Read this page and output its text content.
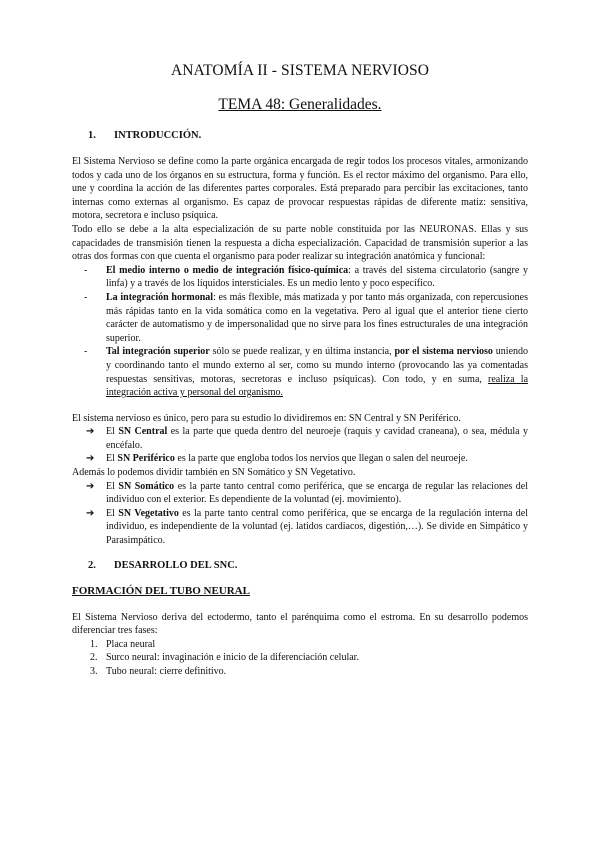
ANATOMÍA II - SISTEMA NERVIOSO
TEMA 48: Generalidades.
1. INTRODUCCIÓN.

El Sistema Nervioso se define como la parte orgánica encargada de regir todos los procesos vitales, armonizando todos y cada uno de los órganos en su estructura, forma y función. Es el rector máximo del organismo. Para ello, une y coordina la acción de las diferentes partes corporales. Está preparado para percibir las excitaciones, tanto internas como externas al organismo. Es capaz de provocar respuestas rápidas de diferente matiz: sensitiva, motora, secretora e incluso psíquica.

Todo ello se debe a la alta especialización de su parte noble constituida por las NEURONAS. Ellas y sus capacidades de transmisión tienen la respuesta a dicha especialización. Capacidad de transmisión superior a las otras dos formas con que cuenta el organismo para poder realizar su integración anatómica y funcional:

- El medio interno o medio de integración físico-química: a través del sistema circulatorio (sangre y linfa) y a través de los líquidos intersticiales. Es un medio lento y poco específico.
- La integración hormonal: es más flexible, más matizada y por tanto más organizada, con repercusiones más rápidas tanto en la vida somática como en la vegetativa. Pero al igual que el anterior tiene cierto carácter de automatismo y de impersonalidad que no sirve para los fines estructurales de una integración superior.
- Tal integración superior sólo se puede realizar, y en última instancia, por el sistema nervioso uniendo y coordinando tanto el mundo externo al ser, como su mundo interno (provocando las ya comentadas respuestas sensitivas, motoras, secretoras e incluso psíquicas). Con todo, y en suma, realiza la integración activa y personal del organismo.

El sistema nervioso es único, pero para su estudio lo dividiremos en: SN Central y SN Periférico.

➔ El SN Central es la parte que queda dentro del neuroeje (raquis y cavidad craneana), o sea, médula y encéfalo.
➔ El SN Periférico es la parte que engloba todos los nervios que llegan o salen del neuroeje.

Además lo podemos dividir también en SN Somático y SN Vegetativo.

➔ El SN Somático es la parte tanto central como periférica, que se encarga de regular las relaciones del individuo con el exterior. Es dependiente de la voluntad (ej. movimiento).
➔ El SN Vegetativo es la parte tanto central como periférica, que se encarga de la regulación interna del individuo, es independiente de la voluntad (ej. latidos cardiacos, digestión,…). Se divide en Simpático y Parasimpático.
2. DESARROLLO DEL SNC.
FORMACIÓN DEL TUBO NEURAL

El Sistema Nervioso deriva del ectodermo, tanto el parénquima como el estroma. En su desarrollo podemos diferenciar tres fases:

1. Placa neural
2. Surco neural: invaginación e inicio de la diferenciación celular.
3. Tubo neural: cierre definitivo.
